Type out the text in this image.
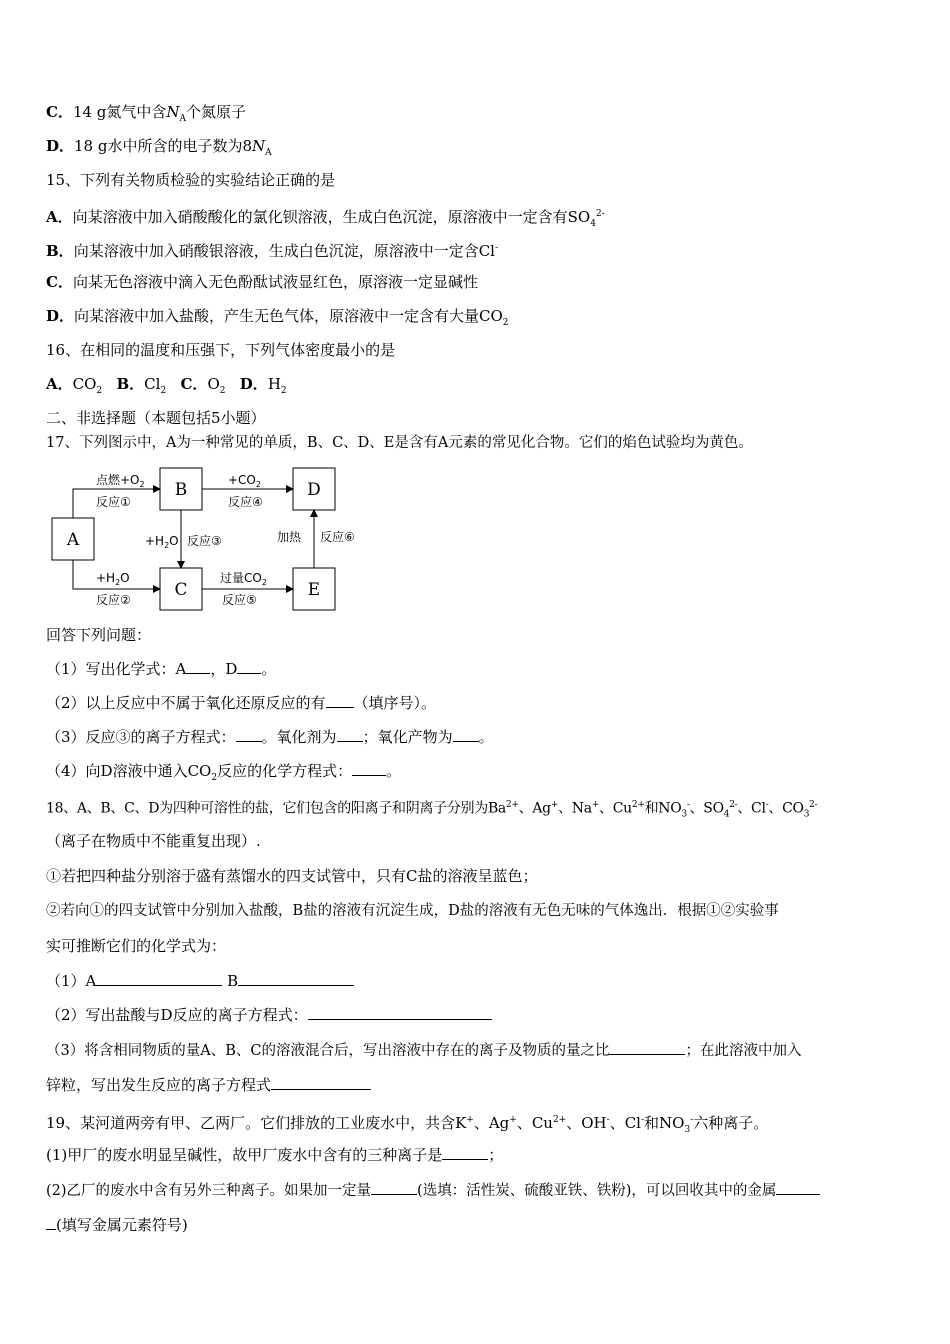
C．14 g氮气中含$N_A$个氮原子
D．18 g水中所含的电子数为$8N_A$
15、下列有关物质检验的实验结论正确的是
A．向某溶液中加入硝酸酸化的氯化钡溶液，生成白色沉淀，原溶液中一定含有$SO_4^{2-}$
B．向某溶液中加入硝酸银溶液，生成白色沉淀，原溶液中一定含Cl-
C．向某无色溶液中滴入无色酚酞试液显红色，原溶液一定显碱性
D．向某溶液中加入盐酸，产生无色气体，原溶液中一定含有大量$CO_2$
16、在相同的温度和压强下，下列气体密度最小的是
A．$CO_2$ B．$Cl_2$ C．$O_2$ D．$H_2$
二、非选择题（本题包括5小题）
17、下列图示中，A为一种常见的单质，B、C、D、E是含有A元素的常见化合物。它们的焰色试验均为黄色。
A
B	D
C	E
点燃$+O_2$
反应①
$+CO_2$
反应④
$+H_2O$ 反应③	加热 反应⑥
$+H_2O$
反应②
过量$CO_2$
反应⑤
回答下列问题：
（1）写出化学式：A ，D 。
（2）以上反应中不属于氧化还原反应的有 （填序号）。
（3）反应③的离子方程式： 。氧化剂为 ；氧化产物为 。
（4）向D溶液中通入$CO_2$反应的化学方程式： 。
18、A、B、C、D为四种可溶性的盐，它们包含的阳离子和阴离子分别为$Ba^{2+}$、Ag+、Na+、$Cu^{2+}$和$NO_3^-$、$SO_4^{2-}$、Cl-、$CO_3^{2-}$
（离子在物质中不能重复出现）.
①若把四种盐分别溶于盛有蒸馏水的四支试管中，只有C盐的溶液呈蓝色；
②若向①的四支试管中分别加入盐酸，B盐的溶液有沉淀生成，D盐的溶液有无色无味的气体逸出．根据①②实验事
实可推断它们的化学式为：
（1）A	B
（2）写出盐酸与D反应的离子方程式：
（3）将含相同物质的量A、B、C的溶液混合后，写出溶液中存在的离子及物质的量之比	；在此溶液中加入
锌粒，写出发生反应的离子方程式
19、某河道两旁有甲、乙两厂。它们排放的工业废水中，共含K+、Ag+、$Cu^{2+}$、OH-、Cl-和$NO_3^-$六种离子。
(1)甲厂的废水明显呈碱性，故甲厂废水中含有的三种离子是	；
(2)乙厂的废水中含有另外三种离子。如果加一定量	(选填：活性炭、硫酸亚铁、铁粉)，可以回收其中的金属
(填写金属元素符号)
